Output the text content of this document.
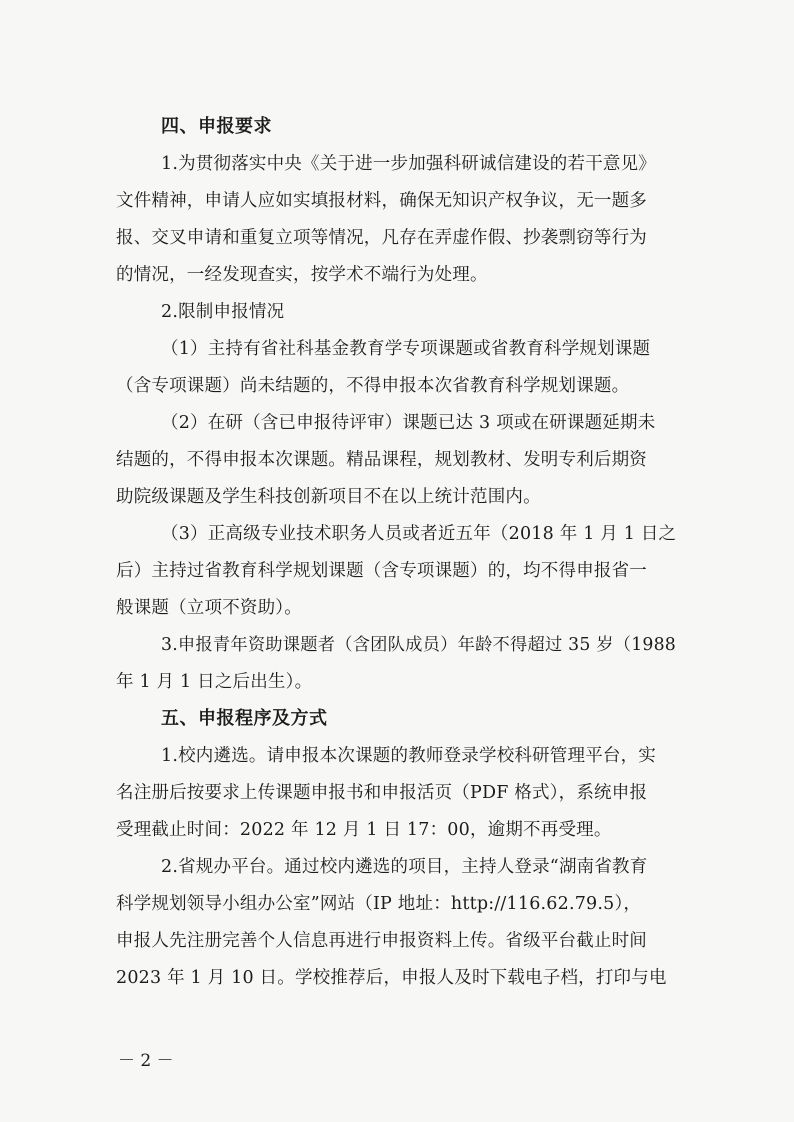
四、申报要求
1.为贯彻落实中央《关于进一步加强科研诚信建设的若干意见》
文件精神，申请人应如实填报材料，确保无知识产权争议，无一题多
报、交叉申请和重复立项等情况，凡存在弄虚作假、抄袭剽窃等行为
的情况，一经发现查实，按学术不端行为处理。
2.限制申报情况
（1）主持有省社科基金教育学专项课题或省教育科学规划课题
（含专项课题）尚未结题的，不得申报本次省教育科学规划课题。
（2）在研（含已申报待评审）课题已达 3 项或在研课题延期未
结题的，不得申报本次课题。精品课程，规划教材、发明专利后期资
助院级课题及学生科技创新项目不在以上统计范围内。
（3）正高级专业技术职务人员或者近五年（2018 年 1 月 1 日之
后）主持过省教育科学规划课题（含专项课题）的，均不得申报省一
般课题（立项不资助）。
3.申报青年资助课题者（含团队成员）年龄不得超过 35 岁（1988
年 1 月 1 日之后出生）。
五、申报程序及方式
1.校内遴选。请申报本次课题的教师登录学校科研管理平台，实
名注册后按要求上传课题申报书和申报活页（PDF 格式），系统申报
受理截止时间：2022 年 12 月 1 日 17：00，逾期不再受理。
2.省规办平台。通过校内遴选的项目，主持人登录“湖南省教育
科学规划领导小组办公室”网站（IP 地址：http://116.62.79.5），
申报人先注册完善个人信息再进行申报资料上传。省级平台截止时间
2023 年 1 月 10 日。学校推荐后，申报人及时下载电子档，打印与电
－ 2 －
